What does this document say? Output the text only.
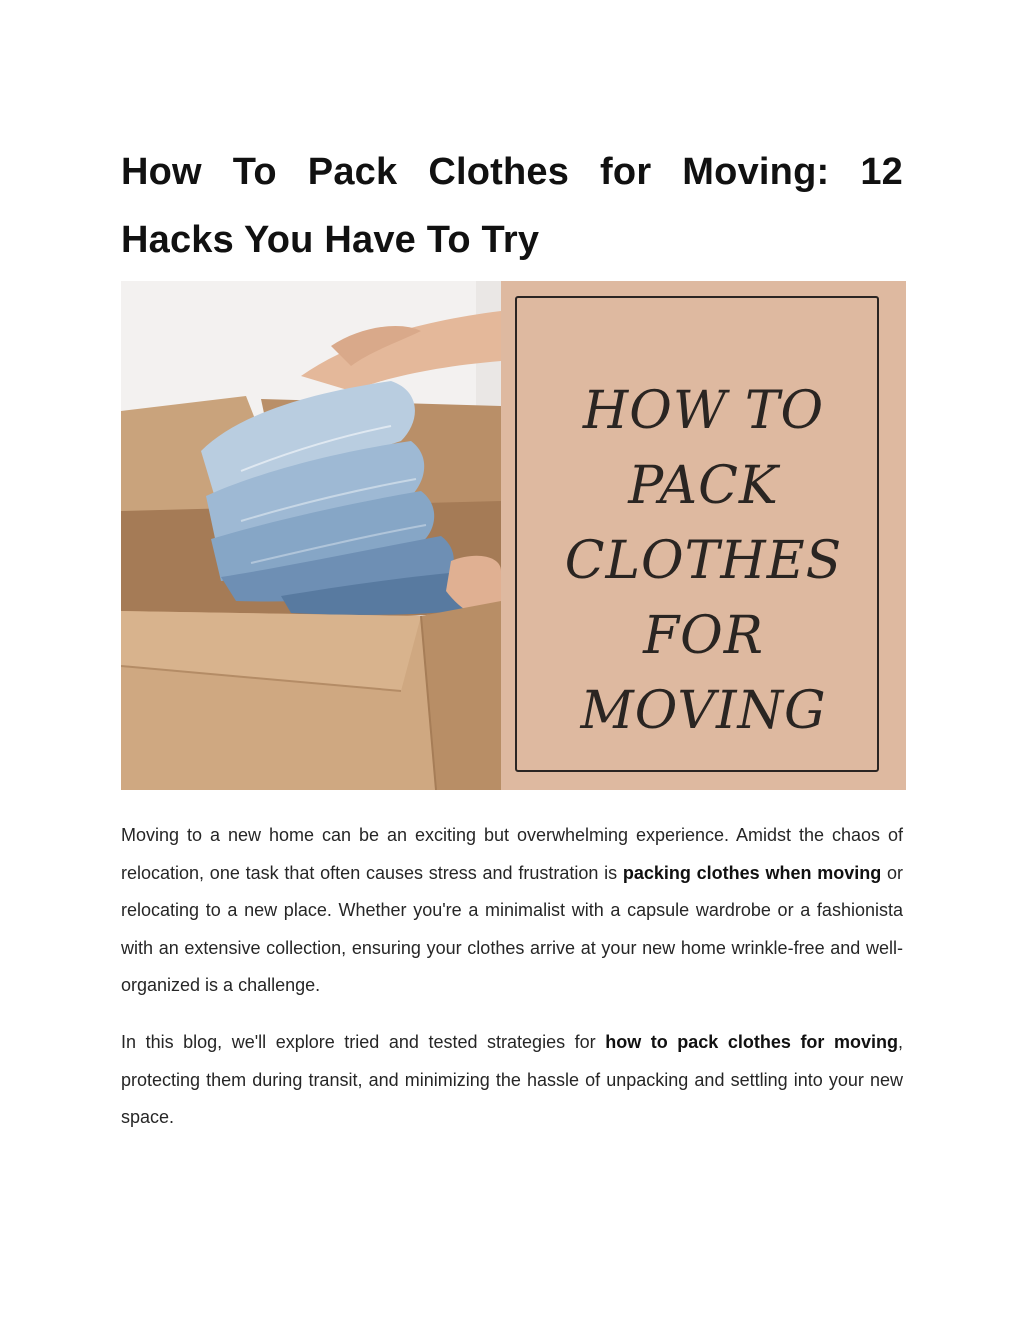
How To Pack Clothes for Moving: 12
Hacks You Have To Try
HOW TO
PACK
CLOTHES
FOR
MOVING

Moving to a new home can be an exciting but overwhelming experience. Amidst the chaos of relocation, one task that often causes stress and frustration is packing clothes when moving or relocating to a new place. Whether you're a minimalist with a capsule wardrobe or a fashionista with an extensive collection, ensuring your clothes arrive at your new home wrinkle-free and well-organized is a challenge.

In this blog, we'll explore tried and tested strategies for how to pack clothes for moving, protecting them during transit, and minimizing the hassle of unpacking and settling into your new space.
